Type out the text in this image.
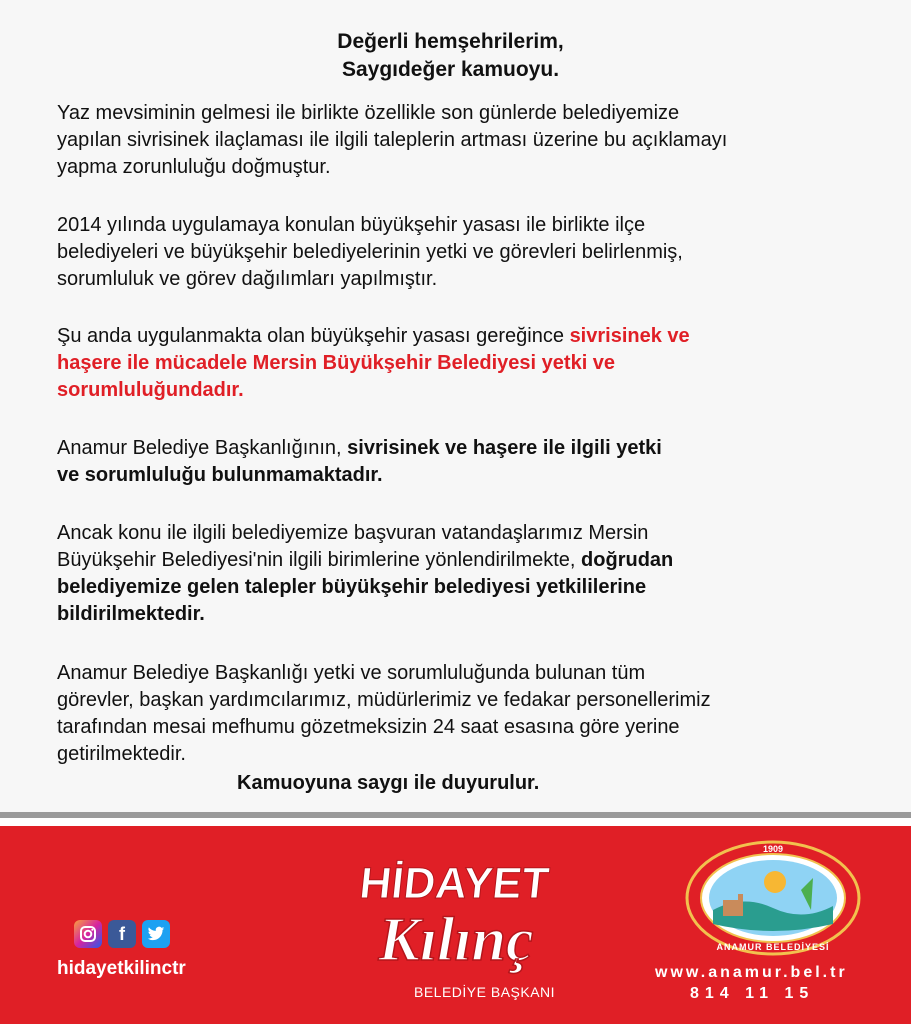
Değerli hemşehrilerim,
Saygıdeğer kamuoyu.
Yaz mevsiminin gelmesi ile birlikte özellikle son günlerde belediyemize
yapılan sivrisinek ilaçlaması ile ilgili taleplerin artması üzerine bu açıklamayı
yapma zorunluluğu doğmuştur.
2014 yılında uygulamaya konulan büyükşehir yasası ile birlikte ilçe
belediyeleri ve büyükşehir belediyelerinin yetki ve görevleri belirlenmiş,
sorumluluk ve görev dağılımları yapılmıştır.
Şu anda uygulanmakta olan büyükşehir yasası gereğince sivrisinek ve
haşere ile mücadele Mersin Büyükşehir Belediyesi yetki ve
sorumluluğundadır.
Anamur Belediye Başkanlığının, sivrisinek ve haşere ile ilgili yetki
ve sorumluluğu bulunmamaktadır.
Ancak konu ile ilgili belediyemize başvuran vatandaşlarımız Mersin
Büyükşehir Belediyesi'nin ilgili birimlerine yönlendirilmekte, doğrudan
belediyemize gelen talepler büyükşehir belediyesi yetkililerine
bildirilmektedir.
Anamur Belediye Başkanlığı yetki ve sorumluluğunda bulunan tüm
görevler, başkan yardımcılarımız, müdürlerimiz ve fedakar personellerimiz
tarafından mesai mefhumu gözetmeksizin 24 saat esasına göre yerine
getirilmektedir.
Kamuoyuna saygı ile duyurulur.
f
hidayetkilinctr
HİDAYET
Kılınç
BELEDİYE BAŞKANI
1909
ANAMUR BELEDİYESİ
www.anamur.bel.tr
814 11 15
